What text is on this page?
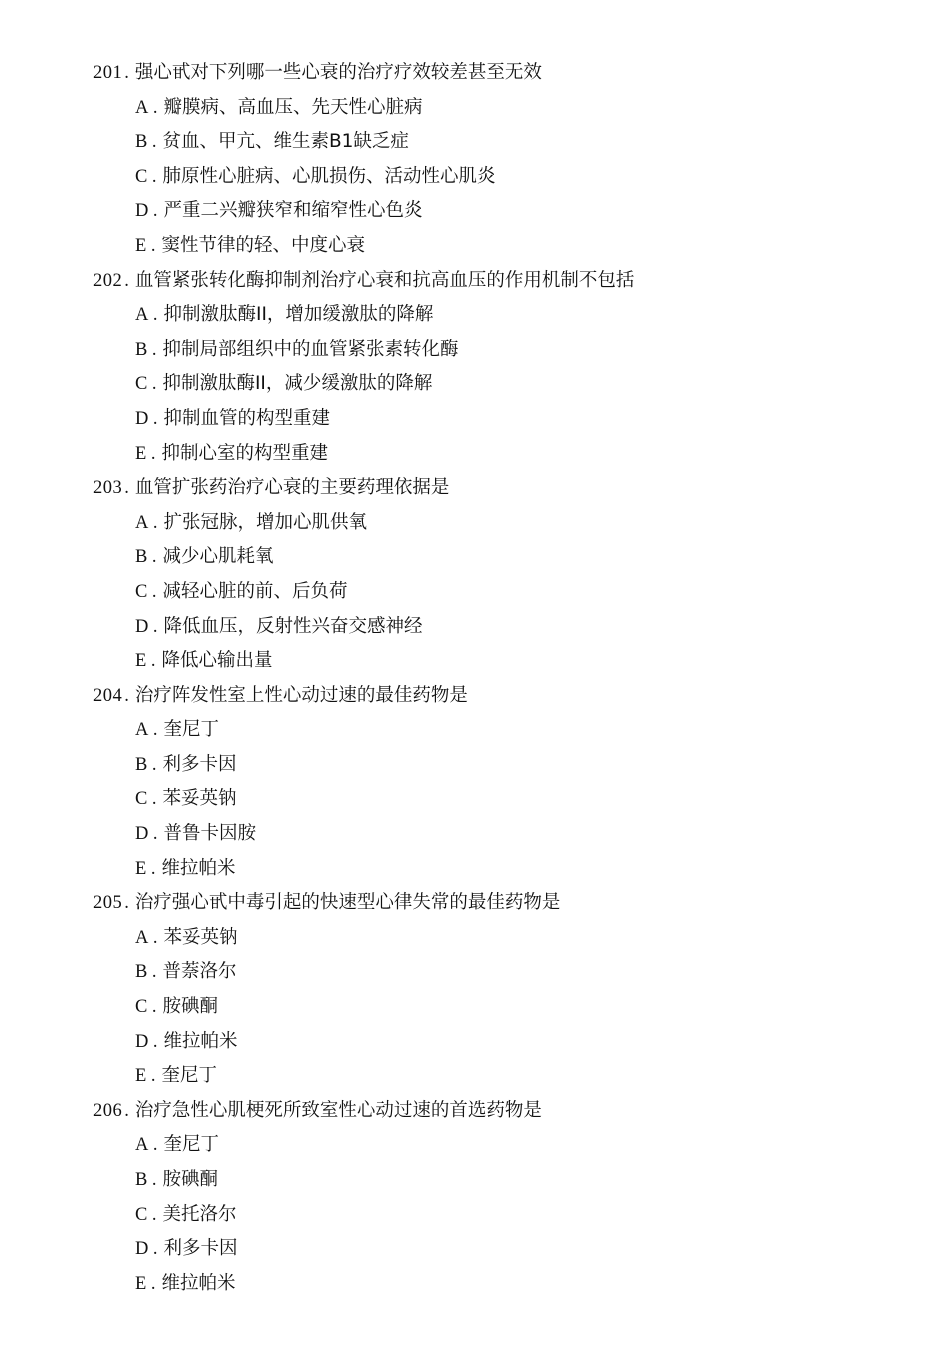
201 . 强心甙对下列哪一些心衰的治疗疗效较差甚至无效
A . 瓣膜病、高血压、先天性心脏病
B . 贫血、甲亢、维生素B1缺乏症
C . 肺原性心脏病、心肌损伤、活动性心肌炎
D . 严重二兴瓣狭窄和缩窄性心色炎
E . 窦性节律的轻、中度心衰
202 . 血管紧张转化酶抑制剂治疗心衰和抗高血压的作用机制不包括
A . 抑制激肽酶II，增加缓激肽的降解
B . 抑制局部组织中的血管紧张素转化酶
C . 抑制激肽酶II，减少缓激肽的降解
D . 抑制血管的构型重建
E . 抑制心室的构型重建
203 . 血管扩张药治疗心衰的主要药理依据是
A . 扩张冠脉，增加心肌供氧
B . 减少心肌耗氧
C . 减轻心脏的前、后负荷
D . 降低血压，反射性兴奋交感神经
E . 降低心输出量
204 . 治疗阵发性室上性心动过速的最佳药物是
A . 奎尼丁
B . 利多卡因
C . 苯妥英钠
D . 普鲁卡因胺
E . 维拉帕米
205 . 治疗强心甙中毒引起的快速型心律失常的最佳药物是
A . 苯妥英钠
B . 普萘洛尔
C . 胺碘酮
D . 维拉帕米
E . 奎尼丁
206 . 治疗急性心肌梗死所致室性心动过速的首选药物是
A . 奎尼丁
B . 胺碘酮
C . 美托洛尔
D . 利多卡因
E . 维拉帕米
